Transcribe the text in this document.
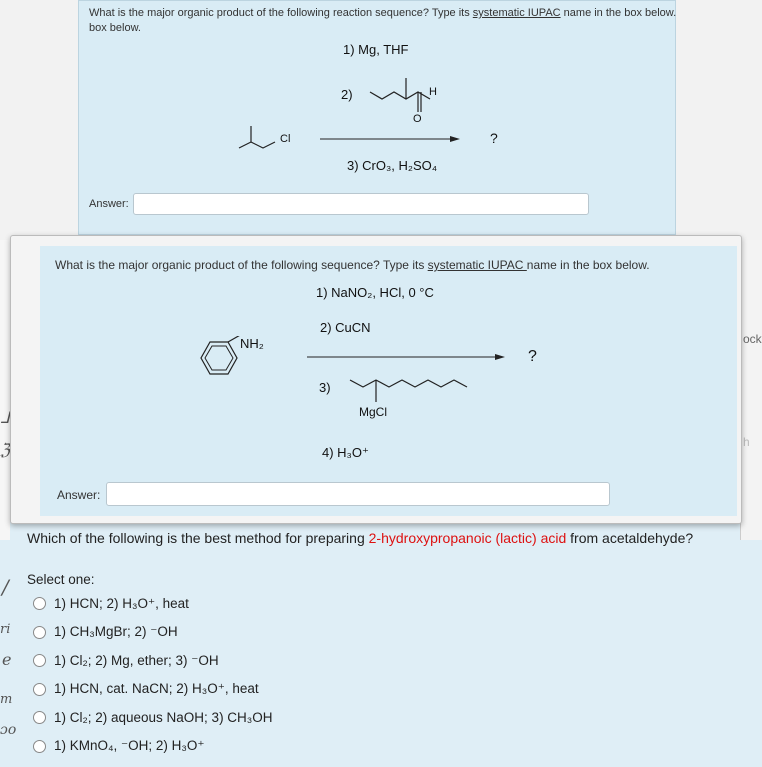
ock
h
ᒧ
ℨ
/
ri
e
m
ɔo
Which of the following is the best method for preparing 2-hydroxypropanoic (lactic) acid from acetaldehyde?
Select one:
1) HCN; 2) H₃O⁺, heat
1) CH₃MgBr; 2) ⁻OH
1) Cl₂; 2) Mg, ether; 3) ⁻OH
1) HCN, cat. NaCN; 2) H₃O⁺, heat
1) Cl₂; 2) aqueous NaOH; 3) CH₃OH
1) KMnO₄, ⁻OH; 2) H₃O⁺
What is the major organic product of the following reaction sequence? Type its systematic IUPAC name in the box below.
box below.
1) Mg, THF
2)	H
O
Cl	?
3) CrO₃, H₂SO₄
Answer:
What is the major organic product of the following sequence? Type its systematic IUPAC name in the box below.
1) NaNO₂, HCl, 0 °C
2) CuCN
NH₂
?
3)
MgCl
4) H₃O⁺
Answer:
